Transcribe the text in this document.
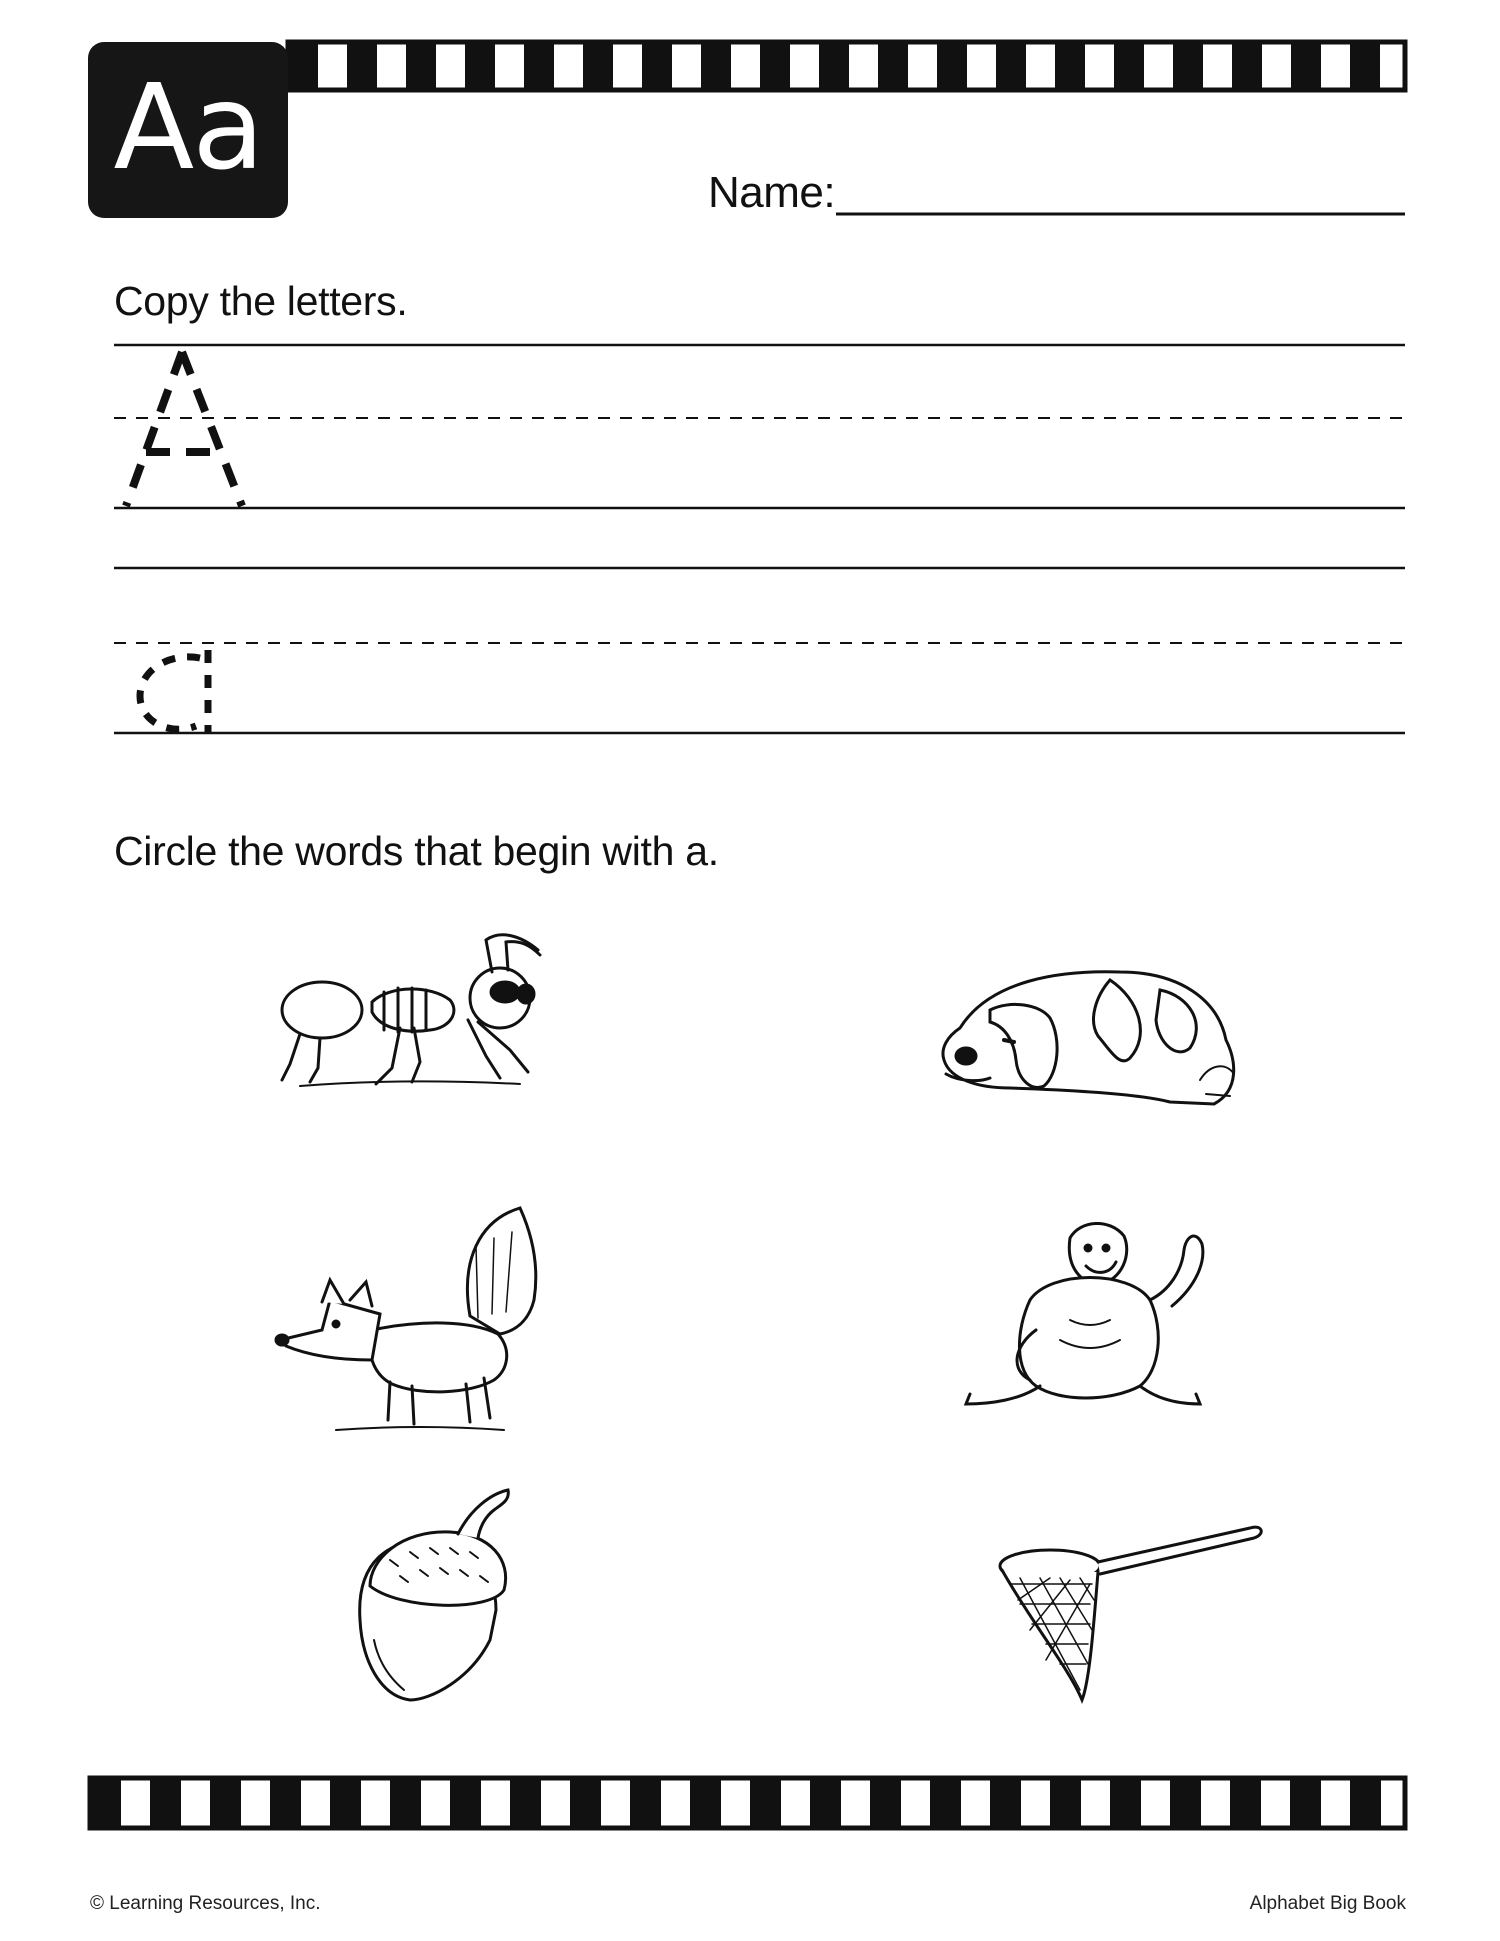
Aa	Name:
Copy the letters.
Circle the words that begin with a.
© Learning Resources, Inc.	Alphabet Big Book
